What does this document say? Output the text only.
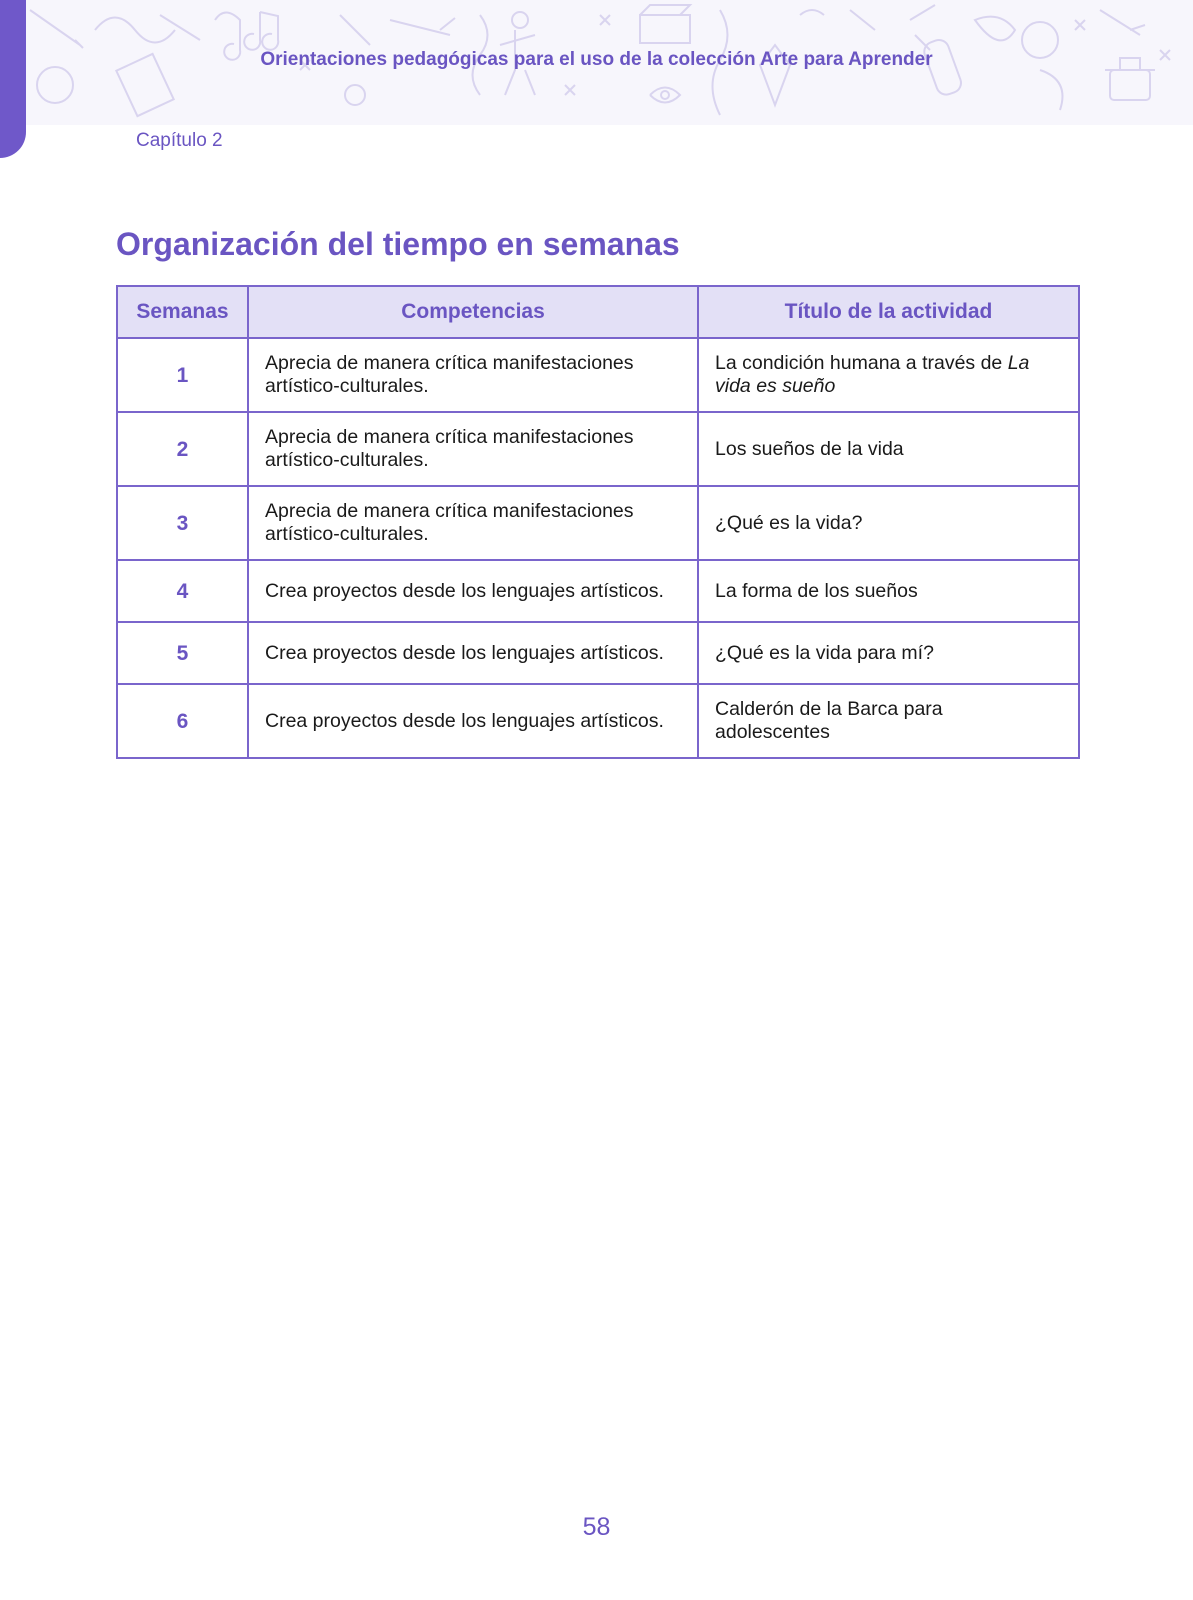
Orientaciones pedagógicas para el uso de la colección Arte para Aprender
Capítulo 2
Organización del tiempo en semanas
Semanas	Competencias	Título de la actividad
1	Aprecia de manera crítica manifestaciones artístico-culturales.	La condición humana a través de La vida es sueño
2	Aprecia de manera crítica manifestaciones artístico-culturales.	Los sueños de la vida
3	Aprecia de manera crítica manifestaciones artístico-culturales.	¿Qué es la vida?
4	Crea proyectos desde los lenguajes artísticos.	La forma de los sueños
5	Crea proyectos desde los lenguajes artísticos.	¿Qué es la vida para mí?
6	Crea proyectos desde los lenguajes artísticos.	Calderón de la Barca para adolescentes
58
